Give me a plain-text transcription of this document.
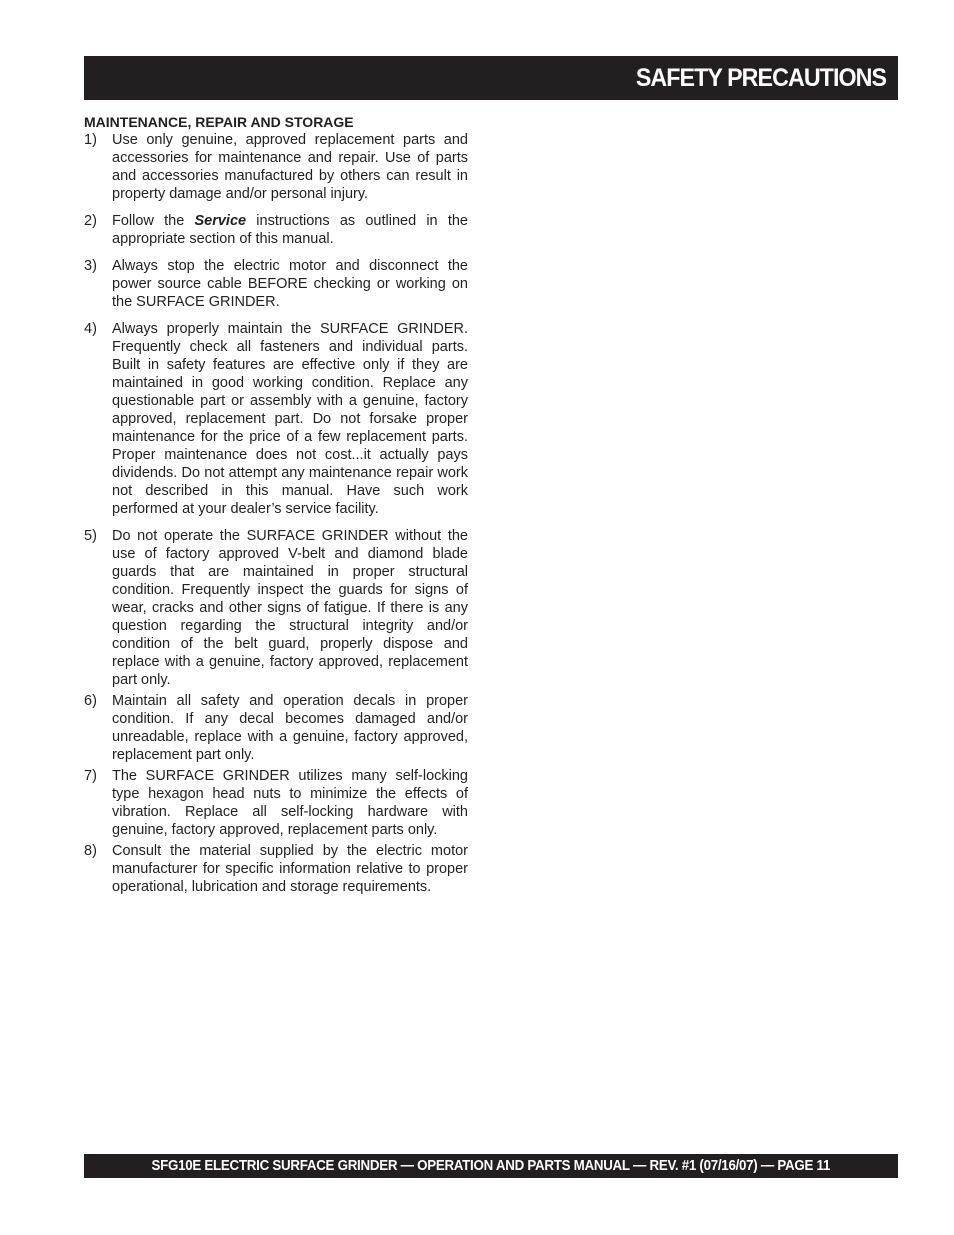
SAFETY PRECAUTIONS
MAINTENANCE, REPAIR AND STORAGE
1) Use only genuine, approved replacement parts and accessories for maintenance and repair. Use of parts and accessories manufactured by others can result in property damage and/or personal injury.
2) Follow the Service instructions as outlined in the appropriate section of this manual.
3) Always stop the electric motor and disconnect the power source cable BEFORE checking or working on the SURFACE GRINDER.
4) Always properly maintain the SURFACE GRINDER. Frequently check all fasteners and individual parts. Built in safety features are effective only if they are maintained in good working condition. Replace any questionable part or assembly with a genuine, factory approved, replacement part. Do not forsake proper maintenance for the price of a few replacement parts. Proper maintenance does not cost...it actually pays dividends. Do not attempt any maintenance repair work not described in this manual. Have such work performed at your dealer’s service facility.
5) Do not operate the SURFACE GRINDER without the use of factory approved V-belt and diamond blade guards that are maintained in proper structural condition. Frequently inspect the guards for signs of wear, cracks and other signs of fatigue. If there is any question regarding the structural integrity and/or condition of the belt guard, properly dispose and replace with a genuine, factory approved, replacement part only.
6) Maintain all safety and operation decals in proper condition. If any decal becomes damaged and/or unreadable, replace with a genuine, factory approved, replacement part only.
7) The SURFACE GRINDER utilizes many self-locking type hexagon head nuts to minimize the effects of vibration. Replace all self-locking hardware with genuine, factory approved, replacement parts only.
8) Consult the material supplied by the electric motor manufacturer for specific information relative to proper operational, lubrication and storage requirements.
SFG10E ELECTRIC SURFACE GRINDER — OPERATION AND PARTS MANUAL — REV. #1 (07/16/07) — PAGE 11
